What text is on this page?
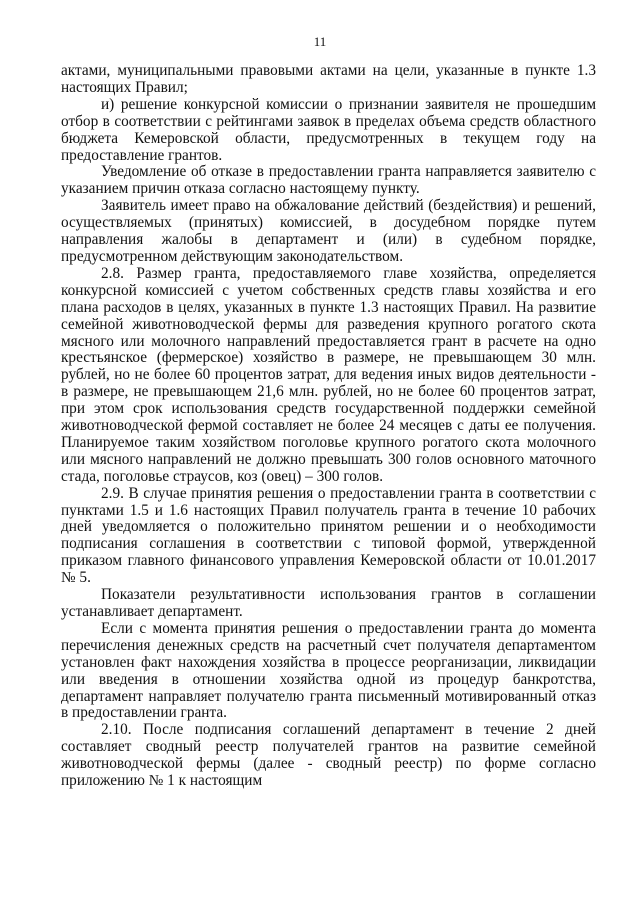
11

актами, муниципальными правовыми актами на цели, указанные в пункте 1.3 настоящих Правил;

и) решение конкурсной комиссии о признании заявителя не прошедшим отбор в соответствии с рейтингами заявок в пределах объема средств областного бюджета Кемеровской области, предусмотренных в текущем году на предоставление грантов.

Уведомление об отказе в предоставлении гранта направляется заявителю с указанием причин отказа согласно настоящему пункту.

Заявитель имеет право на обжалование действий (бездействия) и решений, осуществляемых (принятых) комиссией, в досудебном порядке путем направления жалобы в департамент и (или) в судебном порядке, предусмотренном действующим законодательством.

2.8. Размер гранта, предоставляемого главе хозяйства, определяется конкурсной комиссией с учетом собственных средств главы хозяйства и его плана расходов в целях, указанных в пункте 1.3 настоящих Правил. На развитие семейной животноводческой фермы для разведения крупного рогатого скота мясного или молочного направлений предоставляется грант в расчете на одно крестьянское (фермерское) хозяйство в размере, не превышающем 30 млн. рублей, но не более 60 процентов затрат, для ведения иных видов деятельности - в размере, не превышающем 21,6 млн. рублей, но не более 60 процентов затрат, при этом срок использования средств государственной поддержки семейной животноводческой фермой составляет не более 24 месяцев с даты ее получения. Планируемое таким хозяйством поголовье крупного рогатого скота молочного или мясного направлений не должно превышать 300 голов основного маточного стада, поголовье страусов, коз (овец) – 300 голов.

2.9. В случае принятия решения о предоставлении гранта в соответствии с пунктами 1.5 и 1.6 настоящих Правил получатель гранта в течение 10 рабочих дней уведомляется о положительно принятом решении и о необходимости подписания соглашения в соответствии с типовой формой, утвержденной приказом главного финансового управления Кемеровской области от 10.01.2017 № 5.

Показатели результативности использования грантов в соглашении устанавливает департамент.

Если с момента принятия решения о предоставлении гранта до момента перечисления денежных средств на расчетный счет получателя департаментом установлен факт нахождения хозяйства в процессе реорганизации, ликвидации или введения в отношении хозяйства одной из процедур банкротства, департамент направляет получателю гранта письменный мотивированный отказ в предоставлении гранта.

2.10. После подписания соглашений департамент в течение 2 дней составляет сводный реестр получателей грантов на развитие семейной животноводческой фермы (далее - сводный реестр) по форме согласно приложению № 1 к настоящим
